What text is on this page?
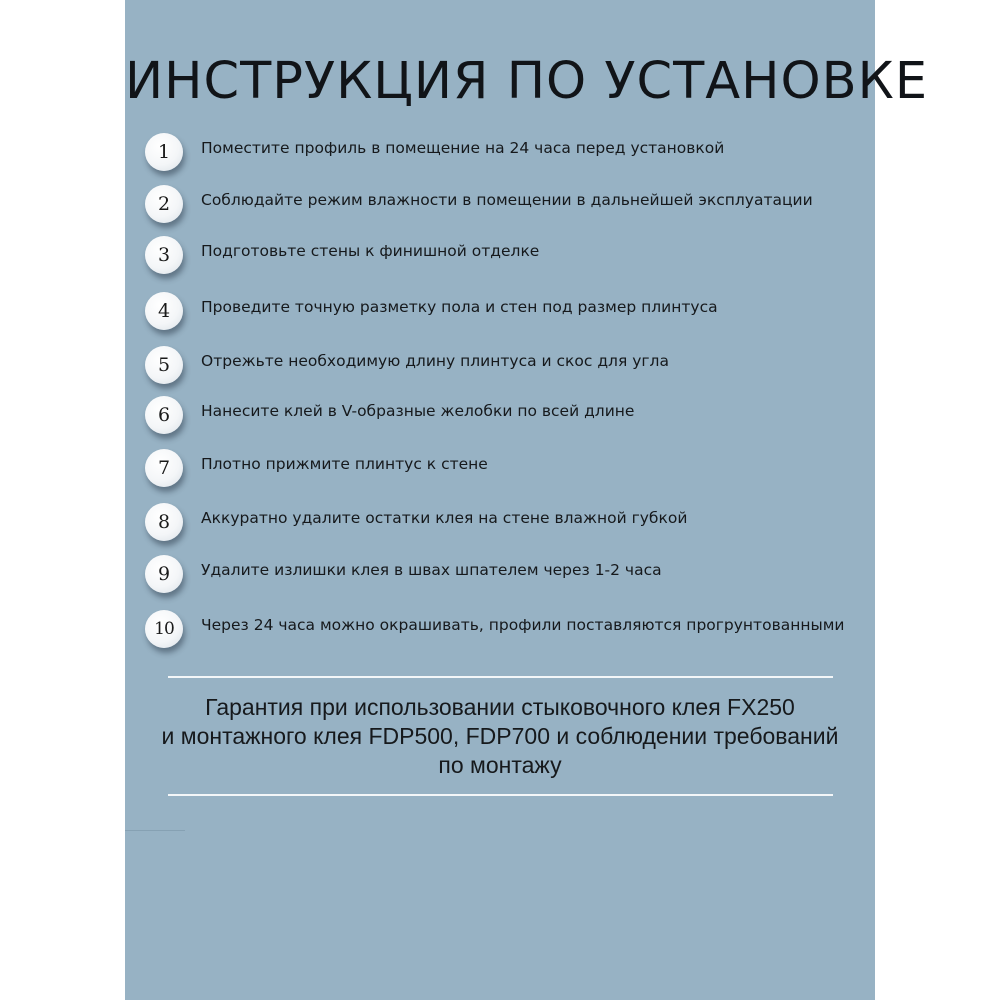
ИНСТРУКЦИЯ ПО УСТАНОВКЕ
1	Поместите профиль в помещение на 24 часа перед установкой
2	Соблюдайте режим влажности в помещении в дальнейшей эксплуатации
3	Подготовьте стены к финишной отделке
4	Проведите точную разметку пола и стен под размер плинтуса
5	Отрежьте необходимую длину плинтуса и скос для угла
6	Нанесите клей в V-образные желобки по всей длине
7	Плотно прижмите плинтус к стене
8	Аккуратно удалите остатки клея на стене влажной губкой
9	Удалите излишки клея в швах шпателем через 1-2 часа
10	Через 24 часа можно окрашивать, профили поставляются прогрунтованными
Гарантия при использовании стыковочного клея FX250
и монтажного клея FDP500, FDP700 и соблюдении требований
по монтажу
